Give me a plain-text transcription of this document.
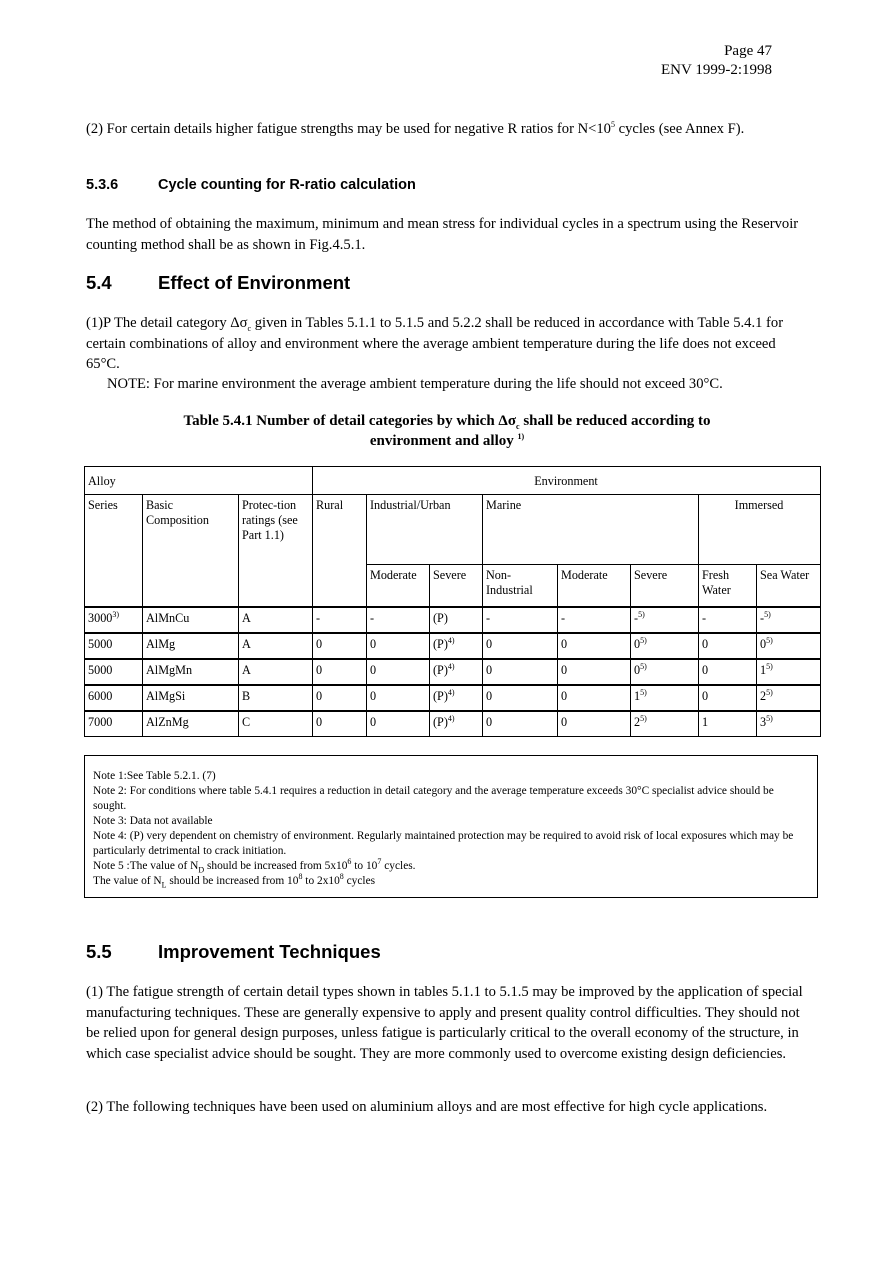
Page 47
ENV 1999-2:1998
(2) For certain details higher fatigue strengths may be used for negative R ratios for $N<10^5$ cycles (see Annex F).
5.3.6	Cycle counting for R-ratio calculation
The method of obtaining the maximum, minimum and mean stress for individual cycles in a spectrum using the Reservoir counting method shall be as shown in Fig.4.5.1.
5.4	Effect of Environment
(1)P The detail category $\Delta\sigma_c$ given in Tables 5.1.1 to 5.1.5 and 5.2.2 shall be reduced in accordance with Table 5.4.1 for certain combinations of alloy and environment where the average ambient temperature during the life does not exceed 65°C.
NOTE: For marine environment the average ambient temperature during the life should not exceed 30°C.
Table 5.4.1 Number of detail categories by which $\Delta\sigma_c$ shall be reduced according to
environment and alloy $^{1)}$
Alloy			Environment							
Series	Basic Composition	Protec-tion ratings (see Part 1.1)	Rural	Industrial/Urban		Marine			Immersed	
				Moderate	Severe	Non-Industrial	Moderate	Severe	Fresh Water	Sea Water
3000$^{3)}$	AlMnCu	A	-	-	(P)	-	-	-$^{5)}$	-	-$^{5)}$
5000	AlMg	A	0	0	$(P)^{4)}$	0	0	0$^{5)}$	0	0$^{5)}$
5000	AlMgMn	A	0	0	$(P)^{4)}$	0	0	0$^{5)}$	0	1$^{5)}$
6000	AlMgSi	B	0	0	$(P)^{4)}$	0	0	1$^{5)}$	0	2$^{5)}$
7000	AlZnMg	C	0	0	$(P)^{4)}$	0	0	2$^{5)}$	1	3$^{5)}$
Note 1:See Table 5.2.1. (7)
Note 2: For conditions where table 5.4.1 requires a reduction in detail category and the average temperature exceeds 30°C specialist advice should be sought.
Note 3: Data not available
Note 4: (P) very dependent on chemistry of environment. Regularly maintained protection may be required to avoid risk of local exposures which may be particularly detrimental to crack initiation.
Note 5 :The value of $N_D$ should be increased from $5x10^6$ to $10^7$ cycles.
The value of $N_L$ should be increased from $10^8$ to $2x10^8$ cycles
5.5	Improvement Techniques
(1) The fatigue strength of certain detail types shown in tables 5.1.1 to 5.1.5 may be improved by the application of special manufacturing techniques. These are generally expensive to apply and present quality control difficulties. They should not be relied upon for general design purposes, unless fatigue is particularly critical to the overall economy of the structure, in which case specialist advice should be sought. They are more commonly used to overcome existing design deficiencies.
(2) The following techniques have been used on aluminium alloys and are most effective for high cycle applications.
